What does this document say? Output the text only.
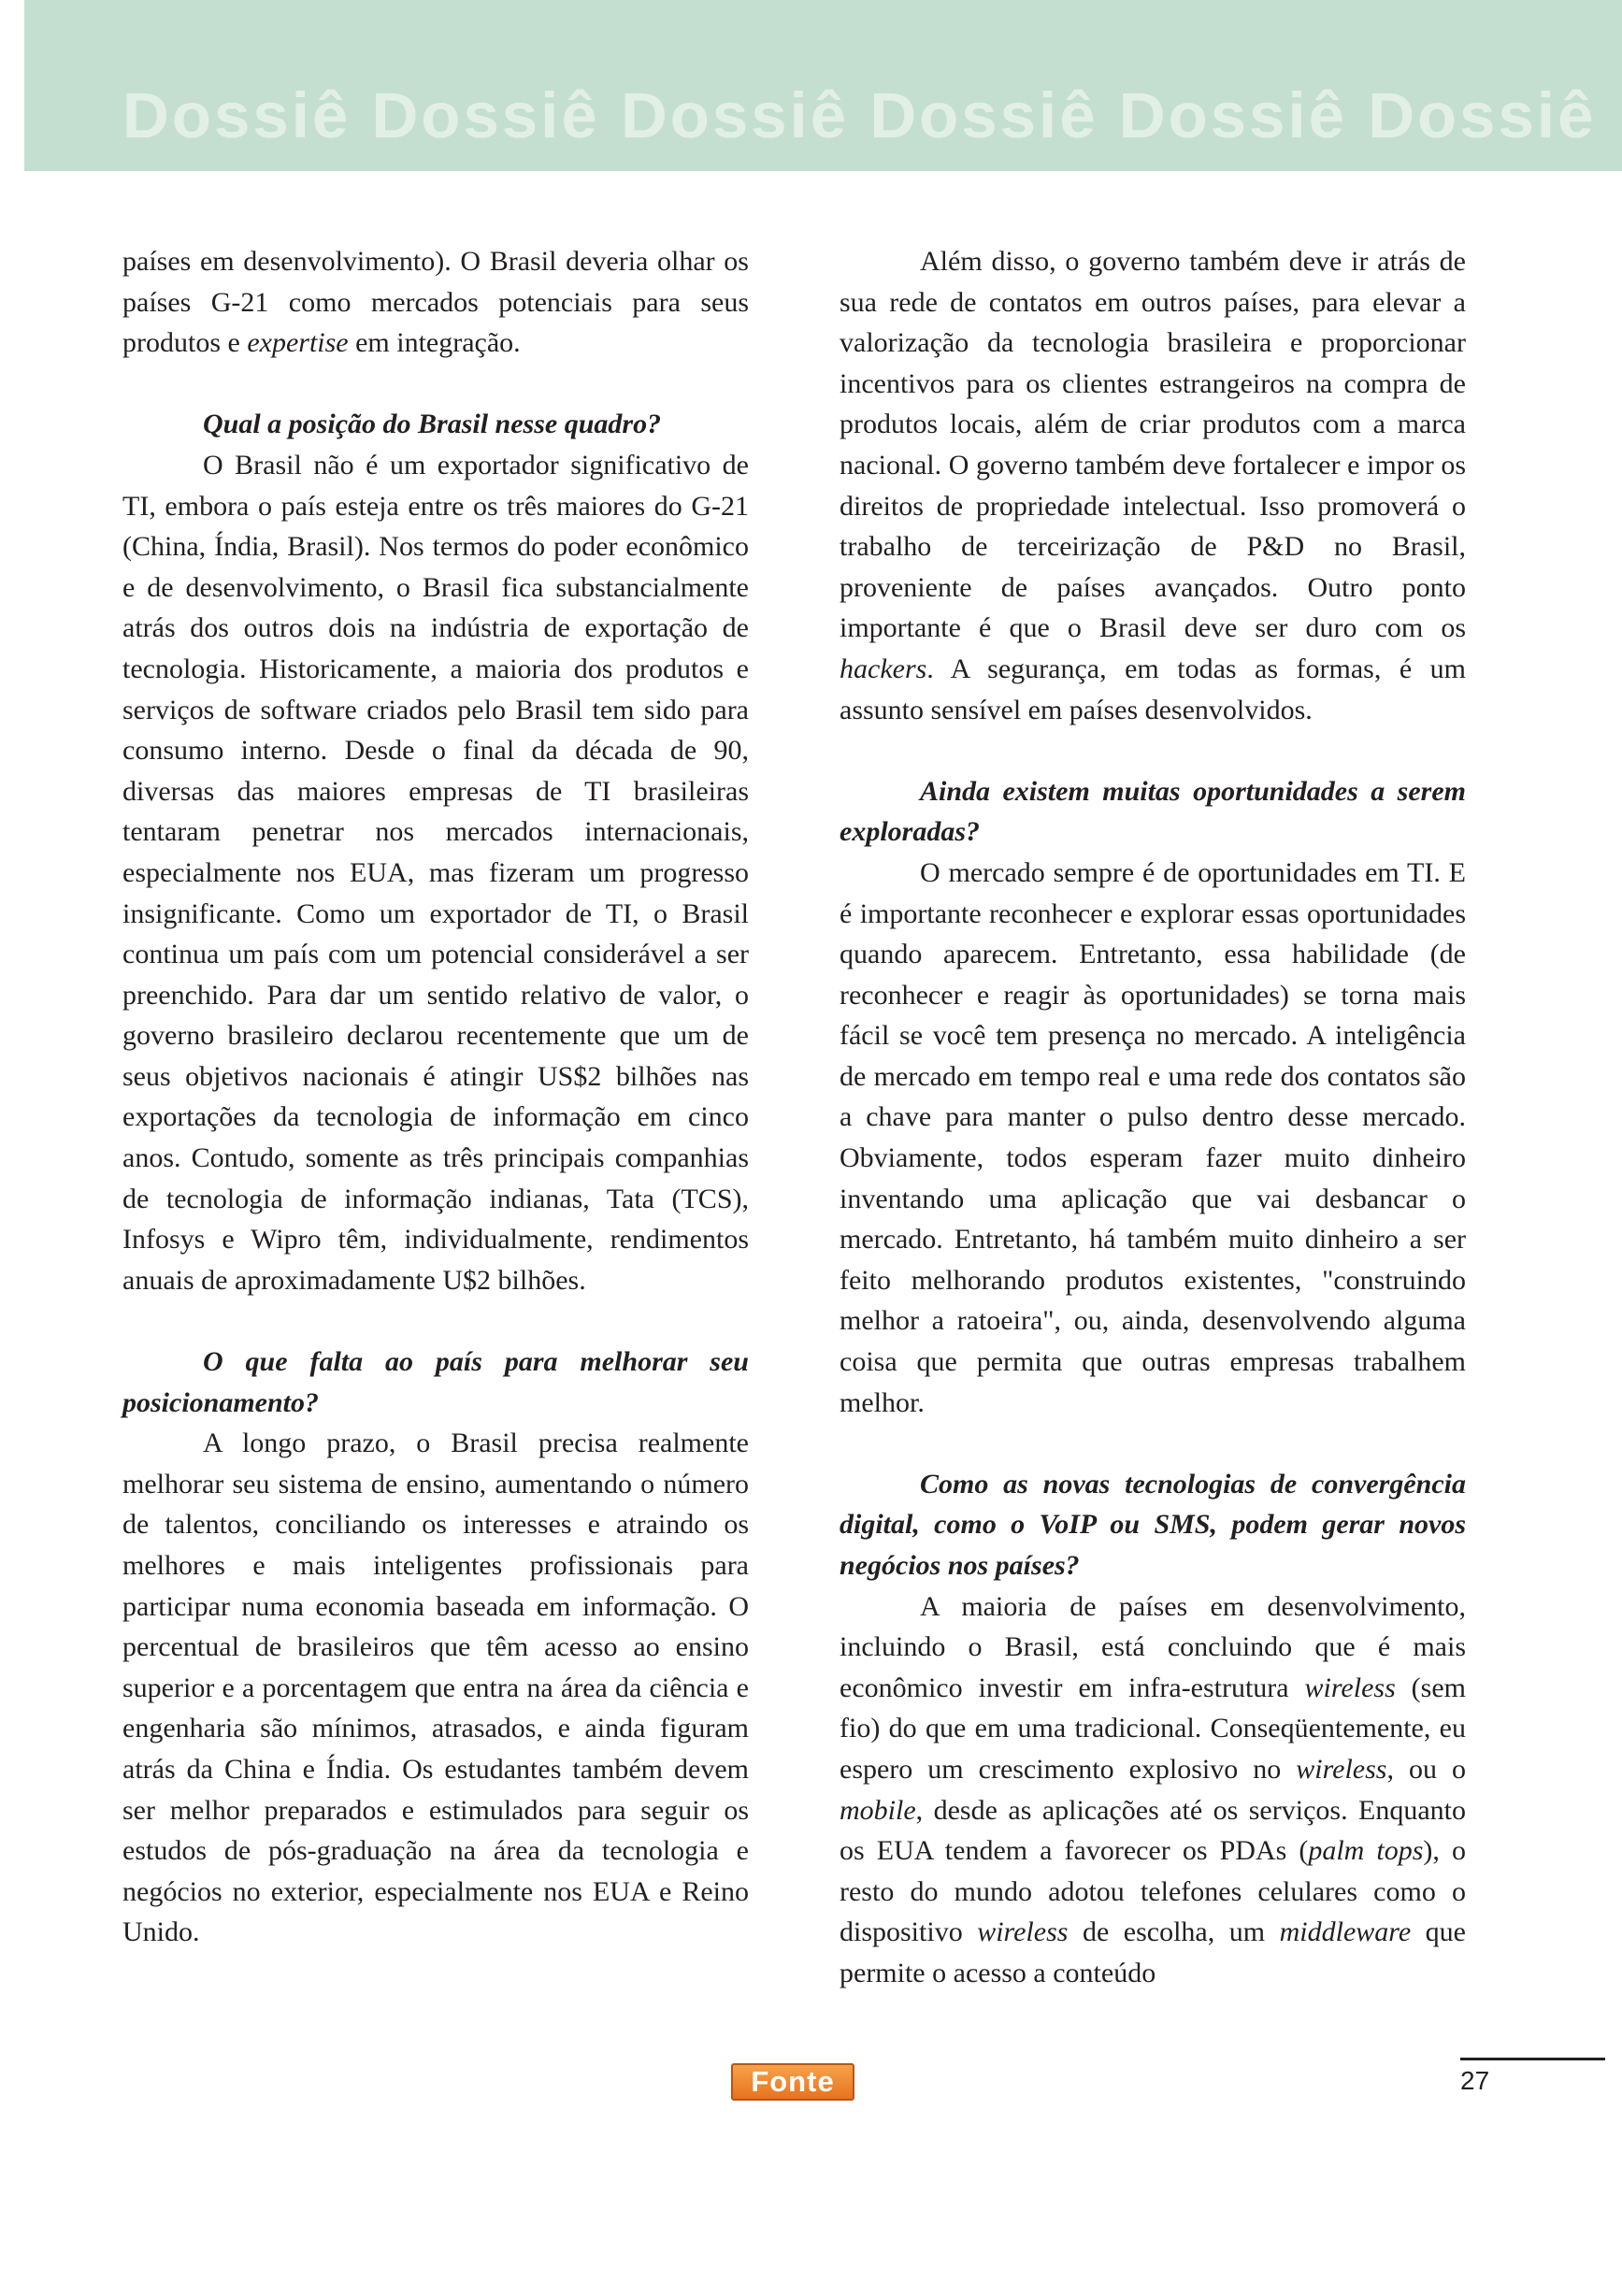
Dossiê Dossiê Dossiê Dossiê Dossiê Dossiê

países em desenvolvimento). O Brasil deveria olhar os países G-21 como mercados potenciais para seus produtos e expertise em integração.

Qual a posição do Brasil nesse quadro?

O Brasil não é um exportador significativo de TI, embora o país esteja entre os três maiores do G-21 (China, Índia, Brasil). Nos termos do poder econômico e de desenvolvimento, o Brasil fica substancialmente atrás dos outros dois na indústria de exportação de tecnologia. Historicamente, a maioria dos produtos e serviços de software criados pelo Brasil tem sido para consumo interno. Desde o final da década de 90, diversas das maiores empresas de TI brasileiras tentaram penetrar nos mercados internacionais, especialmente nos EUA, mas fizeram um progresso insignificante. Como um exportador de TI, o Brasil continua um país com um potencial considerável a ser preenchido. Para dar um sentido relativo de valor, o governo brasileiro declarou recentemente que um de seus objetivos nacionais é atingir US$2 bilhões nas exportações da tecnologia de informação em cinco anos. Contudo, somente as três principais companhias de tecnologia de informação indianas, Tata (TCS), Infosys e Wipro têm, individualmente, rendimentos anuais de aproximadamente U$2 bilhões.

O que falta ao país para melhorar seu posicionamento?

A longo prazo, o Brasil precisa realmente melhorar seu sistema de ensino, aumentando o número de talentos, conciliando os interesses e atraindo os melhores e mais inteligentes profissionais para participar numa economia baseada em informação. O percentual de brasileiros que têm acesso ao ensino superior e a porcentagem que entra na área da ciência e engenharia são mínimos, atrasados, e ainda figuram atrás da China e Índia. Os estudantes também devem ser melhor preparados e estimulados para seguir os estudos de pós-graduação na área da tecnologia e negócios no exterior, especialmente nos EUA e Reino Unido.

Além disso, o governo também deve ir atrás de sua rede de contatos em outros países, para elevar a valorização da tecnologia brasileira e proporcionar incentivos para os clientes estrangeiros na compra de produtos locais, além de criar produtos com a marca nacional. O governo também deve fortalecer e impor os direitos de propriedade intelectual. Isso promoverá o trabalho de terceirização de P&D no Brasil, proveniente de países avançados. Outro ponto importante é que o Brasil deve ser duro com os hackers. A segurança, em todas as formas, é um assunto sensível em países desenvolvidos.

Ainda existem muitas oportunidades a serem exploradas?

O mercado sempre é de oportunidades em TI. E é importante reconhecer e explorar essas oportunidades quando aparecem. Entretanto, essa habilidade (de reconhecer e reagir às oportunidades) se torna mais fácil se você tem presença no mercado. A inteligência de mercado em tempo real e uma rede dos contatos são a chave para manter o pulso dentro desse mercado. Obviamente, todos esperam fazer muito dinheiro inventando uma aplicação que vai desbancar o mercado. Entretanto, há também muito dinheiro a ser feito melhorando produtos existentes, "construindo melhor a ratoeira", ou, ainda, desenvolvendo alguma coisa que permita que outras empresas trabalhem melhor.

Como as novas tecnologias de convergência digital, como o VoIP ou SMS, podem gerar novos negócios nos países?

A maioria de países em desenvolvimento, incluindo o Brasil, está concluindo que é mais econômico investir em infra-estrutura wireless (sem fio) do que em uma tradicional. Conseqüentemente, eu espero um crescimento explosivo no wireless, ou o mobile, desde as aplicações até os serviços. Enquanto os EUA tendem a favorecer os PDAs (palm tops), o resto do mundo adotou telefones celulares como o dispositivo wireless de escolha, um middleware que permite o acesso a conteúdo

Fonte	27
